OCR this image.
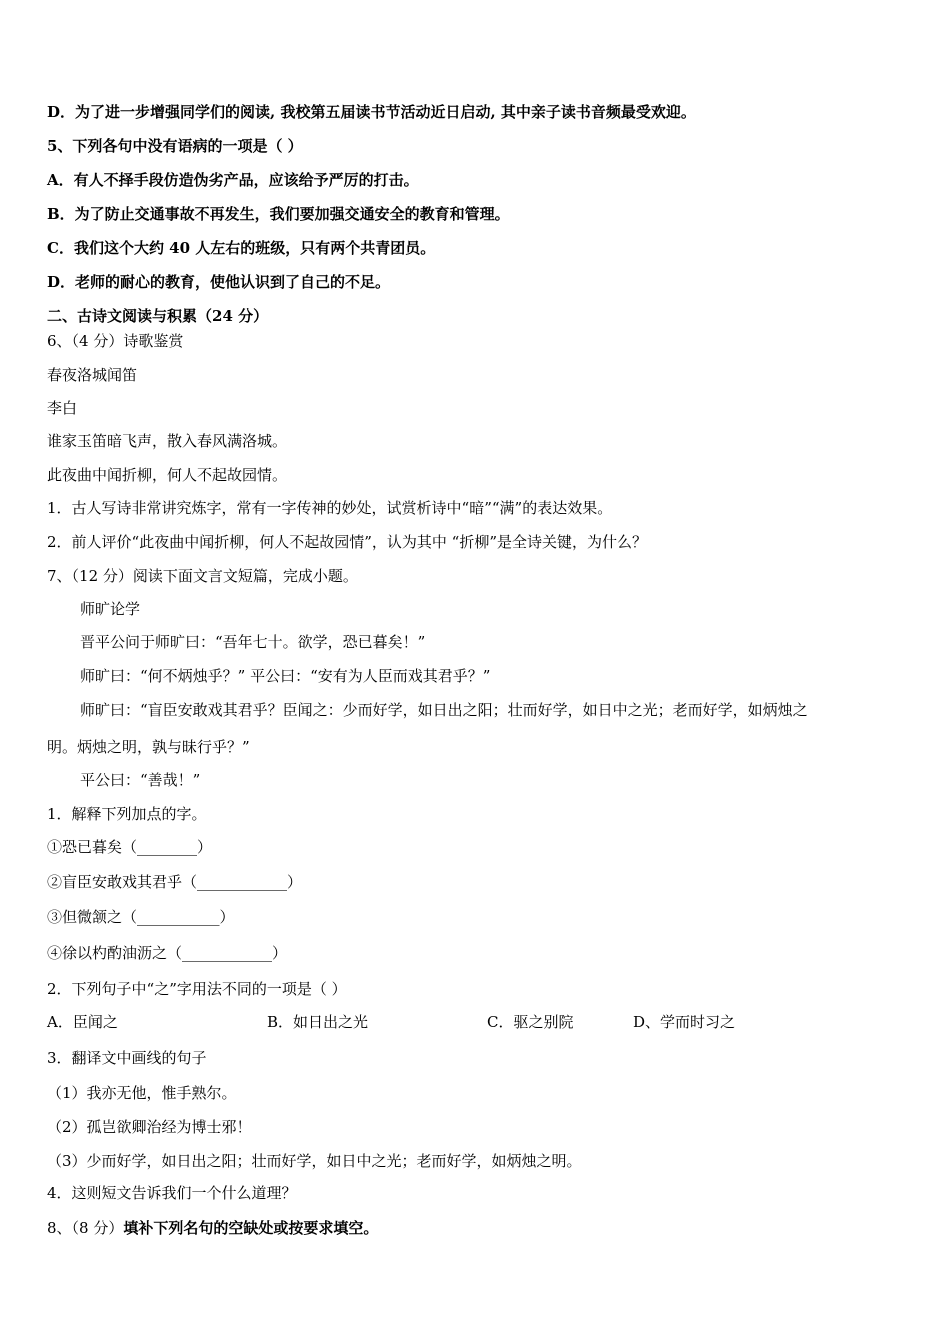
D．为了进一步增强同学们的阅读, 我校第五届读书节活动近日启动, 其中亲子读书音频最受欢迎。
5、下列各句中没有语病的一项是（ ）
A．有人不择手段仿造伪劣产品，应该给予严厉的打击。
B．为了防止交通事故不再发生，我们要加强交通安全的教育和管理。
C．我们这个大约 40 人左右的班级，只有两个共青团员。
D．老师的耐心的教育，使他认识到了自己的不足。
二、古诗文阅读与积累（24 分）
6、（4 分）诗歌鉴赏
春夜洛城闻笛
李白
谁家玉笛暗飞声，散入春风满洛城。
此夜曲中闻折柳，何人不起故园情。
1．古人写诗非常讲究炼字，常有一字传神的妙处，试赏析诗中“暗”“满”的表达效果。
2．前人评价“此夜曲中闻折柳，何人不起故园情”，认为其中 “折柳”是全诗关键，为什么？
7、（12 分）阅读下面文言文短篇，完成小题。
师旷论学
晋平公问于师旷曰：“吾年七十。欲学，恐已暮矣！”
师旷曰：“何不炳烛乎？” 平公曰：“安有为人臣而戏其君乎？”
师旷曰：“盲臣安敢戏其君乎？臣闻之：少而好学，如日出之阳；壮而好学，如日中之光；老而好学，如炳烛之
明。炳烛之明，孰与昧行乎？”
平公曰：“善哉！”
1．解释下列加点的字。
①恐已暮矣（________）
②盲臣安敢戏其君乎（____________）
③但微颔之（___________）
④徐以杓酌油沥之（____________）
2．下列句子中“之”字用法不同的一项是（ ）
A．臣闻之	B．如日出之光	C．驱之别院	D、学而时习之
3．翻译文中画线的句子
（1）我亦无他，惟手熟尔。
（2）孤岂欲卿治经为博士邪！
（3）少而好学，如日出之阳；壮而好学，如日中之光；老而好学，如炳烛之明。
4．这则短文告诉我们一个什么道理？
8、（8 分）填补下列名句的空缺处或按要求填空。
